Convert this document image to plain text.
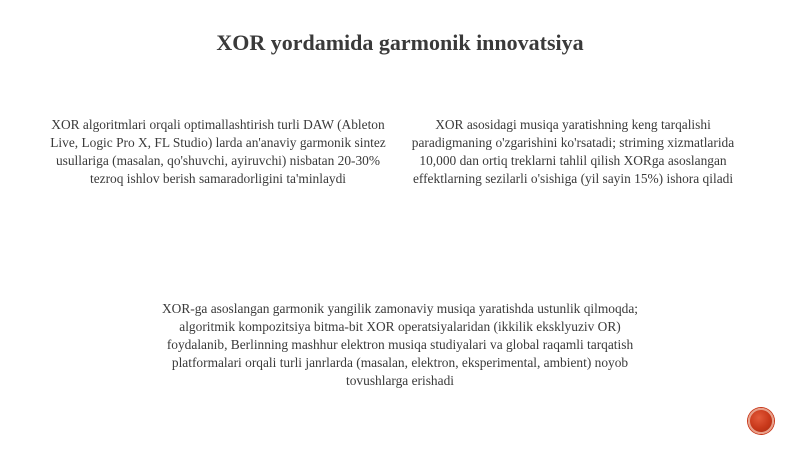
XOR yordamida garmonik innovatsiya

XOR algoritmlari orqali optimallashtirish turli DAW (Ableton Live, Logic Pro X, FL Studio) larda an'anaviy garmonik sintez usullariga (masalan, qo'shuvchi, ayiruvchi) nisbatan 20-30% tezroq ishlov berish samaradorligini ta'minlaydi

XOR asosidagi musiqa yaratishning keng tarqalishi paradigmaning o'zgarishini ko'rsatadi; striming xizmatlarida 10,000 dan ortiq treklarni tahlil qilish XORga asoslangan effektlarning sezilarli o'sishiga (yil sayin 15%) ishora qiladi

XOR-ga asoslangan garmonik yangilik zamonaviy musiqa yaratishda ustunlik qilmoqda; algoritmik kompozitsiya bitma-bit XOR operatsiyalaridan (ikkilik eksklyuziv OR) foydalanib, Berlinning mashhur elektron musiqa studiyalari va global raqamli tarqatish platformalari orqali turli janrlarda (masalan, elektron, eksperimental, ambient) noyob tovushlarga erishadi
